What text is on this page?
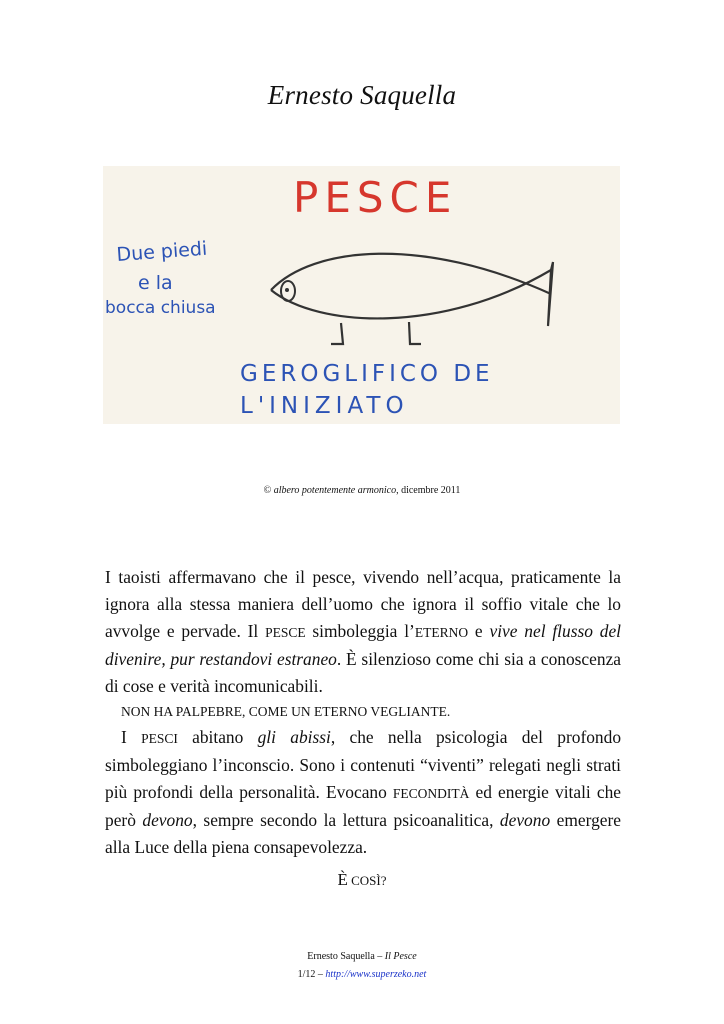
Ernesto Saquella
PESCE
Due piedi
e la
bocca chiusa
GEROGLIFICO DE
L'INIZIATO
© albero potentemente armonico, dicembre 2011

I taoisti affermavano che il pesce, vivendo nell’acqua, praticamente la ignora alla stessa maniera dell’uomo che ignora il soffio vitale che lo avvolge e pervade. Il PESCE simboleggia l’ETERNO e vive nel flusso del divenire, pur restandovi estraneo. È silenzioso come chi sia a conoscenza di cose e verità incomunicabili.

NON HA PALPEBRE, COME UN ETERNO VEGLIANTE.

I PESCI abitano gli abissi, che nella psicologia del profondo simboleggiano l’inconscio. Sono i contenuti “viventi” relegati negli strati più profondi della personalità. Evocano FECONDITÀ ed energie vitali che però devono, sempre secondo la lettura psicoanalitica, devono emergere alla Luce della piena consapevolezza.

È COSÌ?
Ernesto Saquella – Il Pesce
1/12 – http://www.superzeko.net
